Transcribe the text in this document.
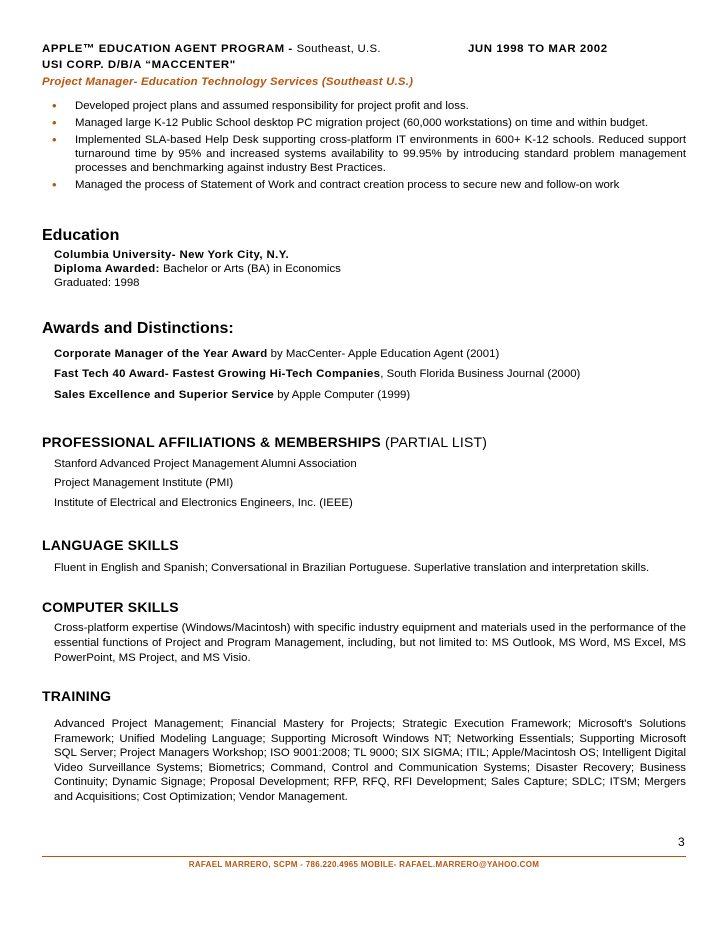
APPLE™ EDUCATION AGENT PROGRAM - Southeast, U.S.	JUN 1998 TO MAR 2002
USI CORP. D/B/A “MACCENTER"
Project Manager- Education Technology Services (Southeast U.S.)
• Developed project plans and assumed responsibility for project profit and loss.
• Managed large K-12 Public School desktop PC migration project (60,000 workstations) on time and within budget.
• Implemented SLA-based Help Desk supporting cross-platform IT environments in 600+ K-12 schools. Reduced support turnaround time by 95% and increased systems availability to 99.95% by introducing standard problem management processes and benchmarking against industry Best Practices.
• Managed the process of Statement of Work and contract creation process to secure new and follow-on work
Education
Columbia University- New York City, N.Y.
Diploma Awarded: Bachelor or Arts (BA) in Economics
Graduated: 1998
Awards and Distinctions:
Corporate Manager of the Year Award by MacCenter- Apple Education Agent (2001)
Fast Tech 40 Award- Fastest Growing Hi-Tech Companies, South Florida Business Journal (2000)
Sales Excellence and Superior Service by Apple Computer (1999)
PROFESSIONAL AFFILIATIONS & MEMBERSHIPS (PARTIAL LIST)
Stanford Advanced Project Management Alumni Association
Project Management Institute (PMI)
Institute of Electrical and Electronics Engineers, Inc. (IEEE)
LANGUAGE SKILLS
Fluent in English and Spanish; Conversational in Brazilian Portuguese. Superlative translation and interpretation skills.
COMPUTER SKILLS
Cross-platform expertise (Windows/Macintosh) with specific industry equipment and materials used in the performance of the essential functions of Project and Program Management, including, but not limited to: MS Outlook, MS Word, MS Excel, MS PowerPoint, MS Project, and MS Visio.
TRAINING
Advanced Project Management; Financial Mastery for Projects; Strategic Execution Framework; Microsoft's Solutions Framework; Unified Modeling Language; Supporting Microsoft Windows NT; Networking Essentials; Supporting Microsoft SQL Server; Project Managers Workshop; ISO 9001:2008; TL 9000; SIX SIGMA; ITIL; Apple/Macintosh OS; Intelligent Digital Video Surveillance Systems; Biometrics; Command, Control and Communication Systems; Disaster Recovery; Business Continuity; Dynamic Signage; Proposal Development; RFP, RFQ, RFI Development; Sales Capture; SDLC; ITSM; Mergers and Acquisitions; Cost Optimization; Vendor Management.
3
RAFAEL MARRERO, SCPM - 786.220.4965 MOBILE- RAFAEL.MARRERO@YAHOO.COM
